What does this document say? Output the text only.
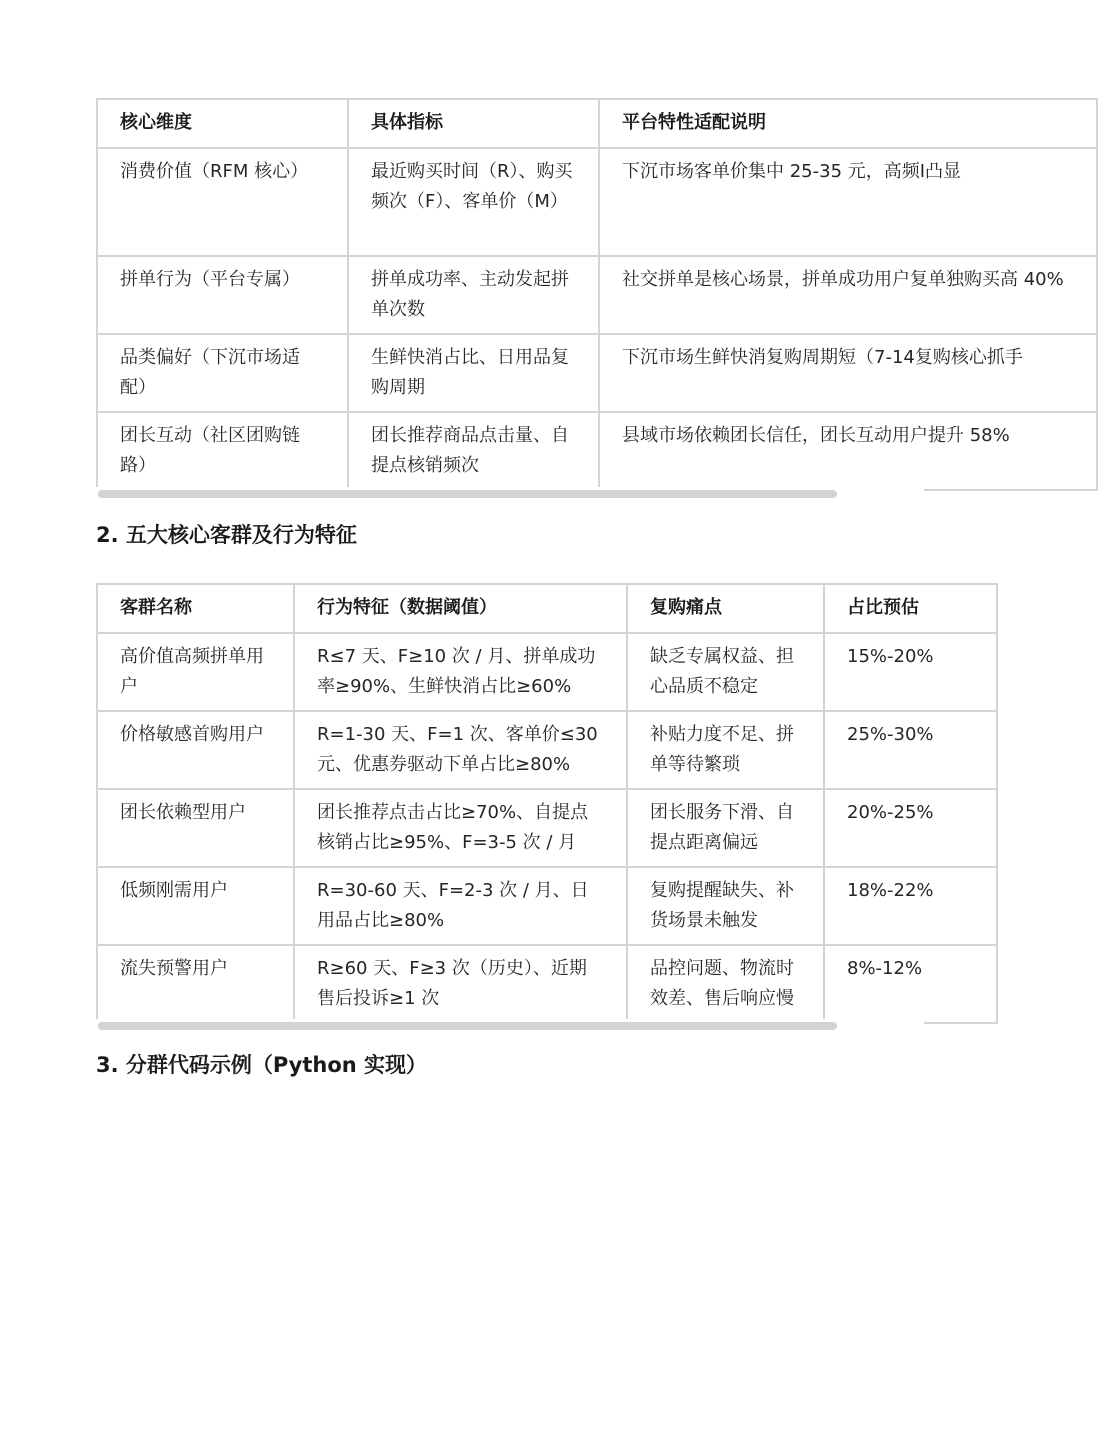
核心维度	具体指标	平台特性适配说明
消费价值（RFM 核心）	最近购买时间（R）、购买频次（F）、客单价（M）	下沉市场客单价集中 25-35 元，高频Ⅰ凸显
拼单行为（平台专属）	拼单成功率、主动发起拼单次数	社交拼单是核心场景，拼单成功用户复单独购买高 40%
品类偏好（下沉市场适配）	生鲜快消占比、日用品复购周期	下沉市场生鲜快消复购周期短（7-14复购核心抓手
团长互动（社区团购链路）	团长推荐商品点击量、自提点核销频次	县域市场依赖团长信任，团长互动用户提升 58%
2. 五大核心客群及行为特征
客群名称	行为特征（数据阈值）	复购痛点	占比预估
高价值高频拼单用户	R≤7 天、F≥10 次 / 月、拼单成功率≥90%、生鲜快消占比≥60%	缺乏专属权益、担心品质不稳定	15%-20%
价格敏感首购用户	R=1-30 天、F=1 次、客单价≤30 元、优惠券驱动下单占比≥80%	补贴力度不足、拼单等待繁琐	25%-30%
团长依赖型用户	团长推荐点击占比≥70%、自提点核销占比≥95%、F=3-5 次 / 月	团长服务下滑、自提点距离偏远	20%-25%
低频刚需用户	R=30-60 天、F=2-3 次 / 月、日用品占比≥80%	复购提醒缺失、补货场景未触发	18%-22%
流失预警用户	R≥60 天、F≥3 次（历史）、近期售后投诉≥1 次	品控问题、物流时效差、售后响应慢	8%-12%
3. 分群代码示例（Python 实现）
